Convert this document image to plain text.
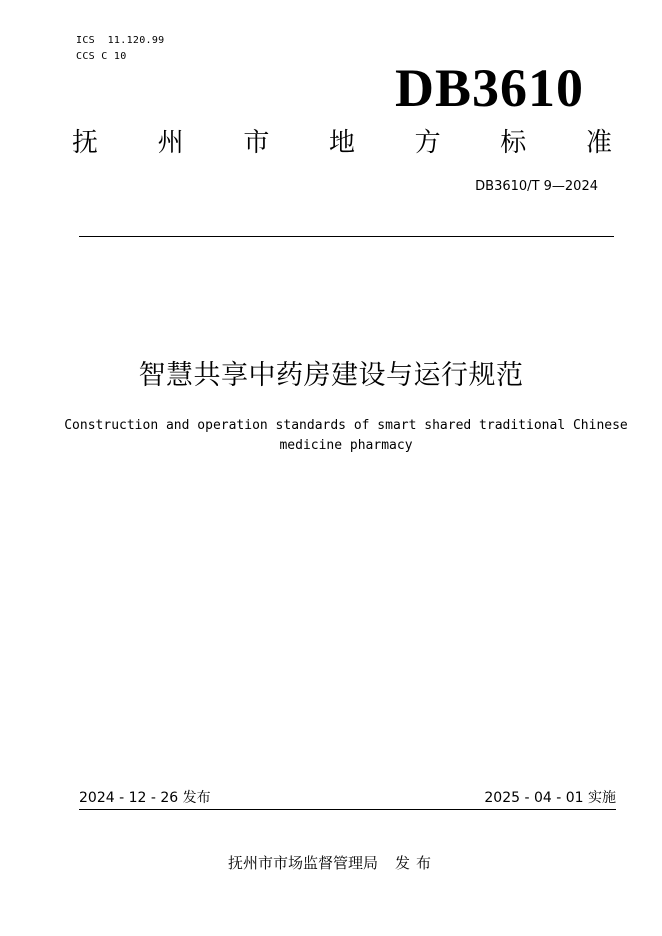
ICS  11.120.99
CCS C 10
DB3610
抚 州 市 地 方 标 准
DB3610/T 9—2024
智慧共享中药房建设与运行规范
Construction and operation standards of smart shared traditional Chinese
medicine pharmacy
2024 - 12 - 26 发布	2025 - 04 - 01 实施
抚州市市场监督管理局 发 布
